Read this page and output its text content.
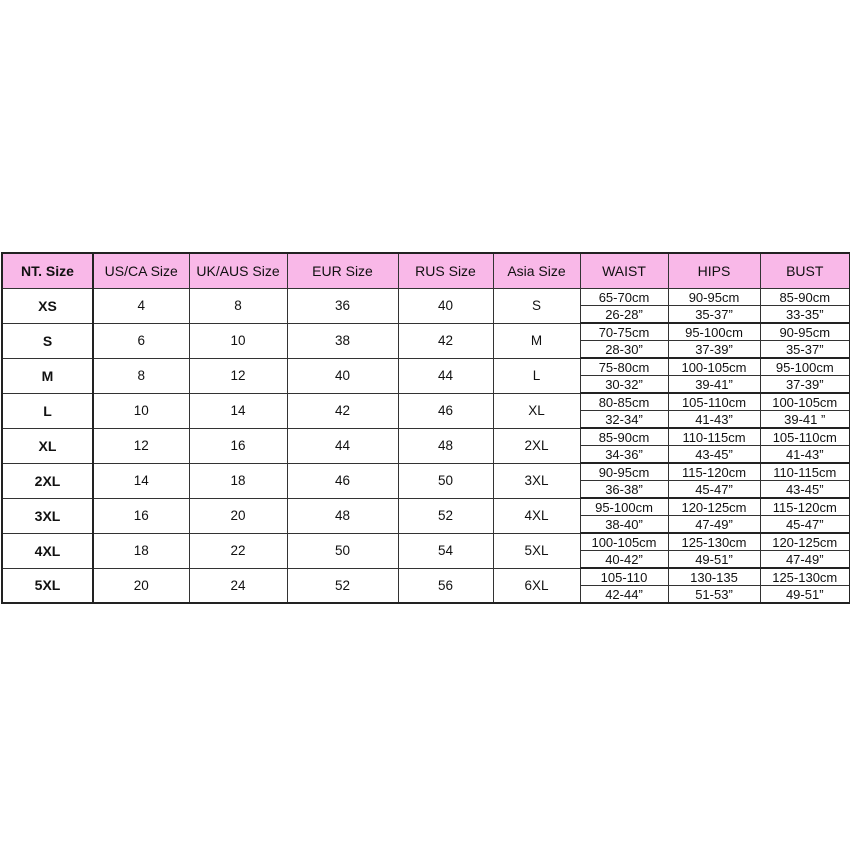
NT. Size	US/CA Size	UK/AUS Size	EUR Size	RUS Size	Asia Size	WAIST	HIPS	BUST
XS	4	8	36	40	S	65-70cm	90-95cm	85-90cm
						26-28”	35-37”	33-35”
S	6	10	38	42	M	70-75cm	95-100cm	90-95cm
						28-30”	37-39”	35-37”
M	8	12	40	44	L	75-80cm	100-105cm	95-100cm
						30-32”	39-41”	37-39”
L	10	14	42	46	XL	80-85cm	105-110cm	100-105cm
						32-34”	41-43”	39-41 ”
XL	12	16	44	48	2XL	85-90cm	110-115cm	105-110cm
						34-36”	43-45”	41-43”
2XL	14	18	46	50	3XL	90-95cm	115-120cm	110-115cm
						36-38”	45-47”	43-45”
3XL	16	20	48	52	4XL	95-100cm	120-125cm	115-120cm
						38-40”	47-49”	45-47”
4XL	18	22	50	54	5XL	100-105cm	125-130cm	120-125cm
						40-42”	49-51”	47-49”
5XL	20	24	52	56	6XL	105-110	130-135	125-130cm
						42-44”	51-53”	49-51”
